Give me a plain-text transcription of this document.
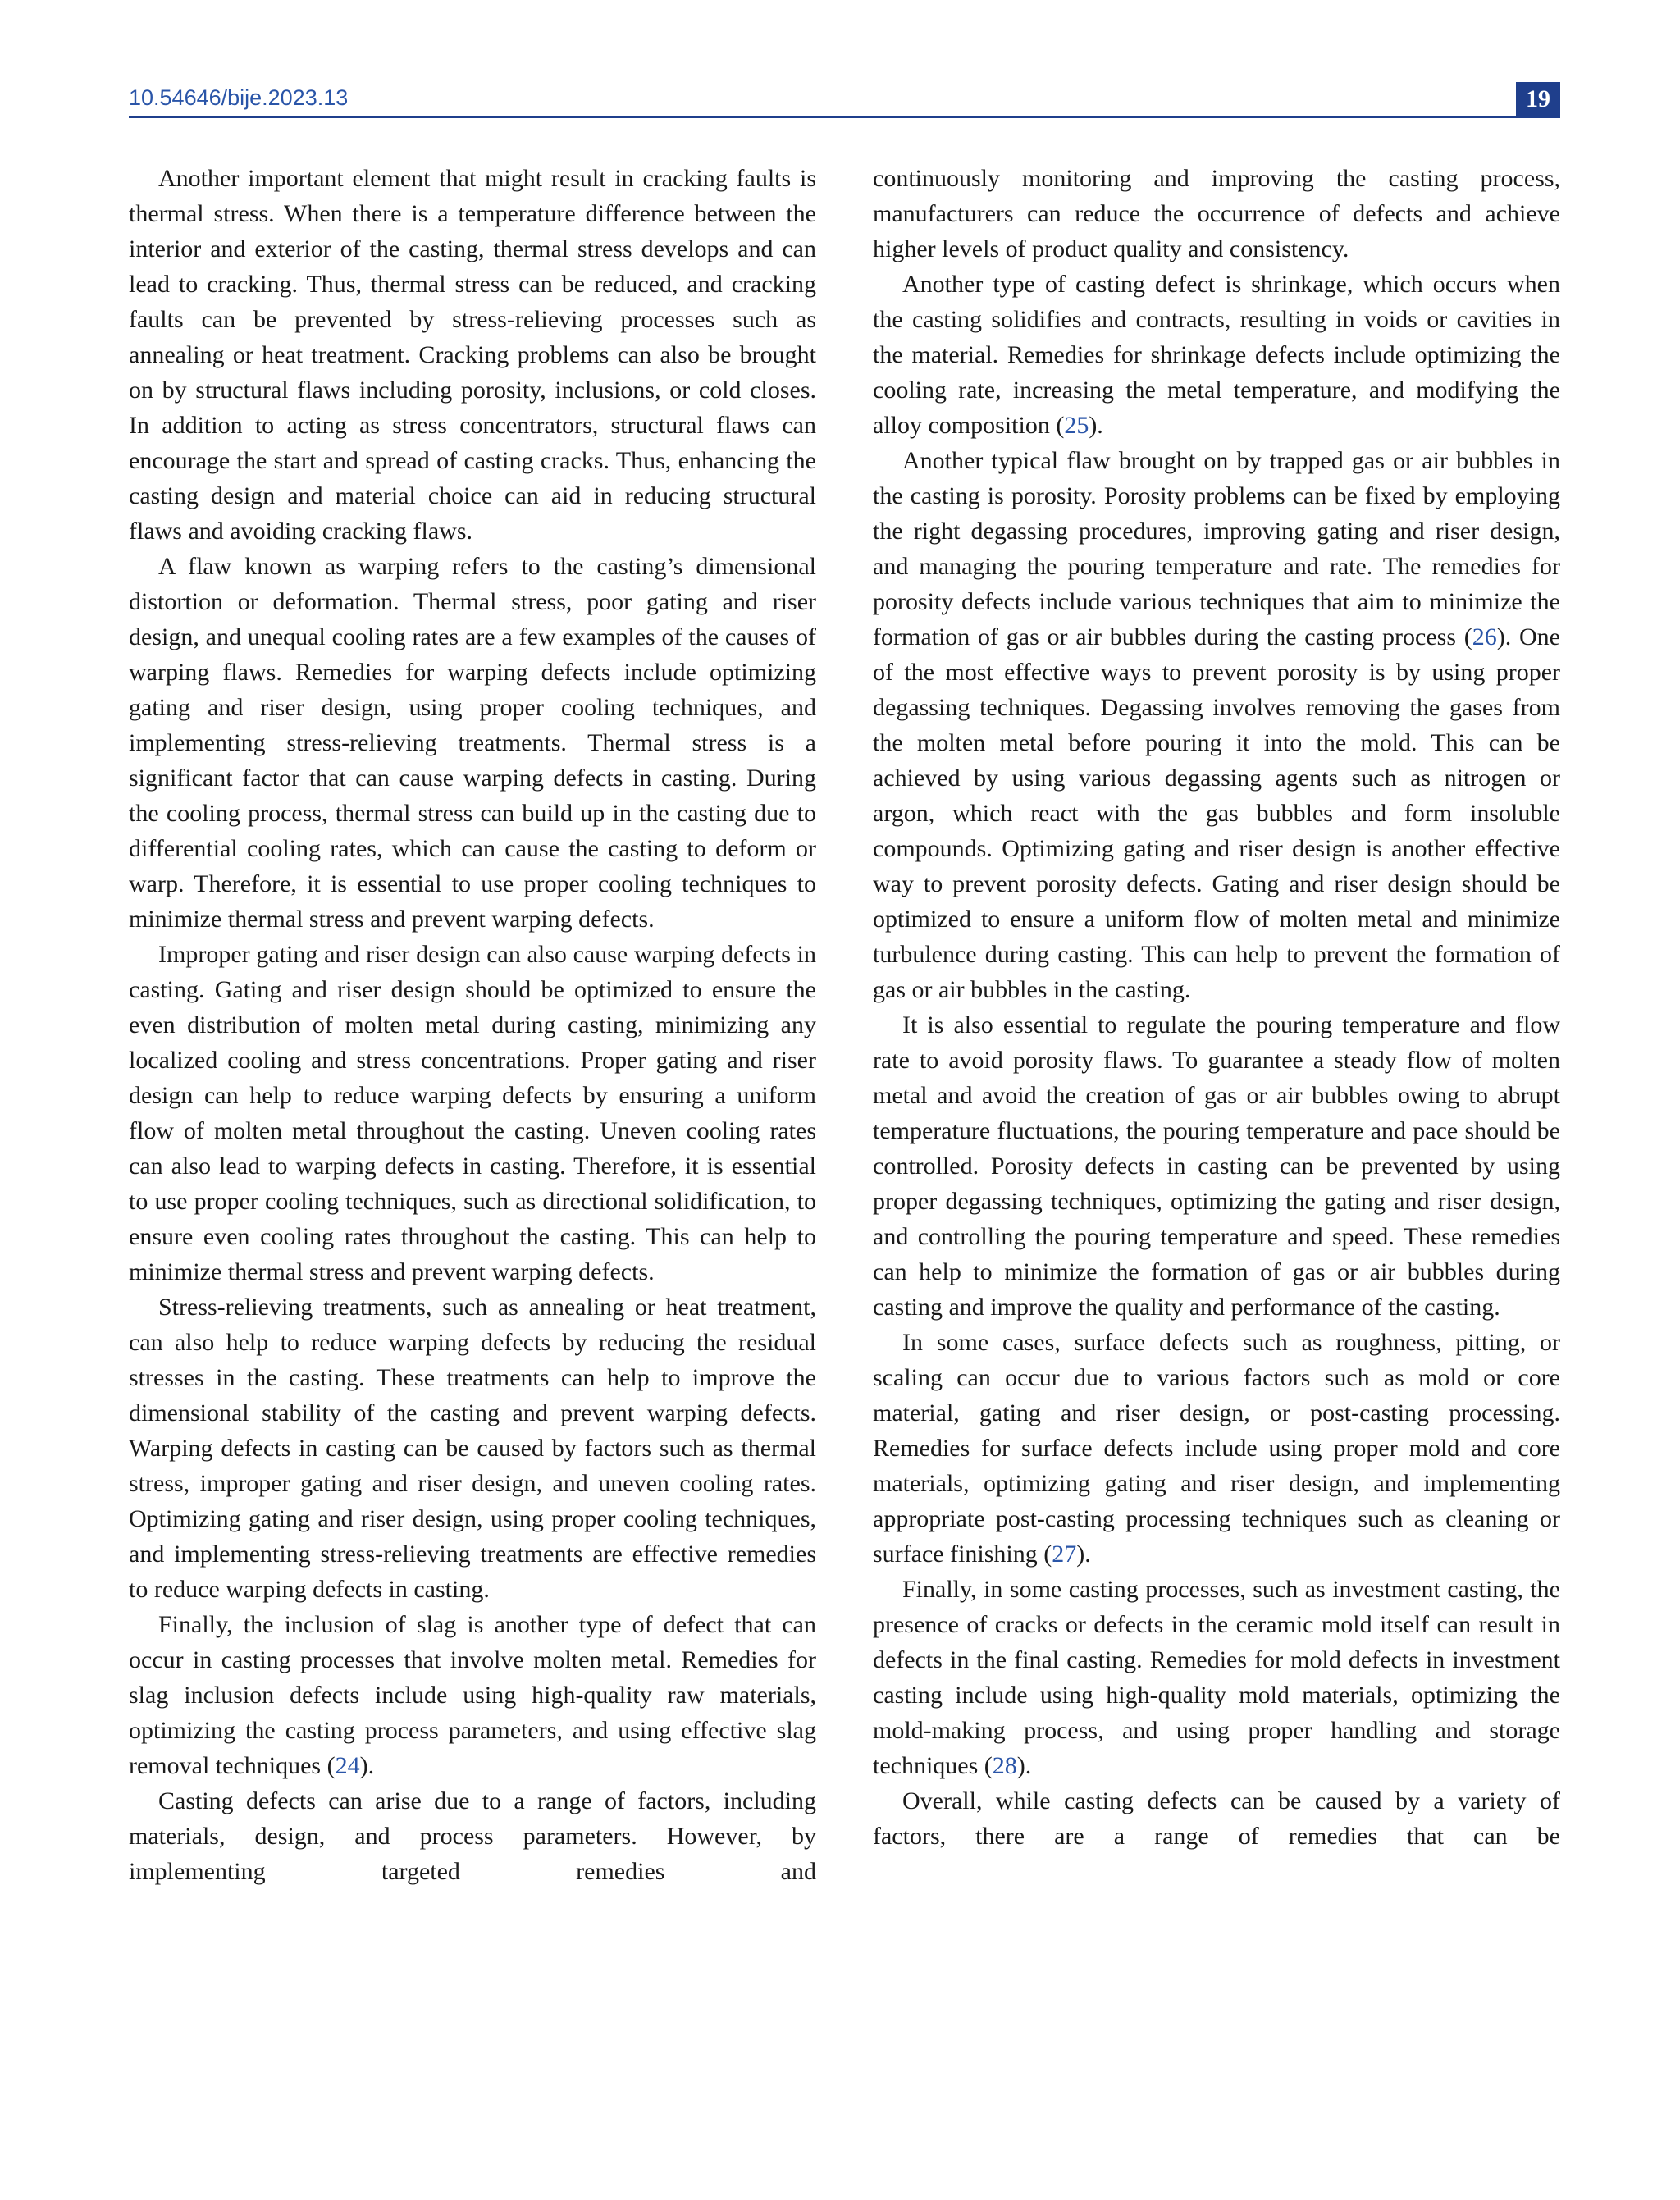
10.54646/bije.2023.13	19

Another important element that might result in cracking faults is thermal stress. When there is a temperature difference between the interior and exterior of the casting, thermal stress develops and can lead to cracking. Thus, thermal stress can be reduced, and cracking faults can be prevented by stress-relieving processes such as annealing or heat treatment. Cracking problems can also be brought on by structural flaws including porosity, inclusions, or cold closes. In addition to acting as stress concentrators, structural flaws can encourage the start and spread of casting cracks. Thus, enhancing the casting design and material choice can aid in reducing structural flaws and avoiding cracking flaws.

A flaw known as warping refers to the casting’s dimensional distortion or deformation. Thermal stress, poor gating and riser design, and unequal cooling rates are a few examples of the causes of warping flaws. Remedies for warping defects include optimizing gating and riser design, using proper cooling techniques, and implementing stress-relieving treatments. Thermal stress is a significant factor that can cause warping defects in casting. During the cooling process, thermal stress can build up in the casting due to differential cooling rates, which can cause the casting to deform or warp. Therefore, it is essential to use proper cooling techniques to minimize thermal stress and prevent warping defects.

Improper gating and riser design can also cause warping defects in casting. Gating and riser design should be optimized to ensure the even distribution of molten metal during casting, minimizing any localized cooling and stress concentrations. Proper gating and riser design can help to reduce warping defects by ensuring a uniform flow of molten metal throughout the casting. Uneven cooling rates can also lead to warping defects in casting. Therefore, it is essential to use proper cooling techniques, such as directional solidification, to ensure even cooling rates throughout the casting. This can help to minimize thermal stress and prevent warping defects.

Stress-relieving treatments, such as annealing or heat treatment, can also help to reduce warping defects by reducing the residual stresses in the casting. These treatments can help to improve the dimensional stability of the casting and prevent warping defects. Warping defects in casting can be caused by factors such as thermal stress, improper gating and riser design, and uneven cooling rates. Optimizing gating and riser design, using proper cooling techniques, and implementing stress-relieving treatments are effective remedies to reduce warping defects in casting.

Finally, the inclusion of slag is another type of defect that can occur in casting processes that involve molten metal. Remedies for slag inclusion defects include using high-quality raw materials, optimizing the casting process parameters, and using effective slag removal techniques (24).

Casting defects can arise due to a range of factors, including materials, design, and process parameters. However, by implementing targeted remedies and

continuously monitoring and improving the casting process, manufacturers can reduce the occurrence of defects and achieve higher levels of product quality and consistency.

Another type of casting defect is shrinkage, which occurs when the casting solidifies and contracts, resulting in voids or cavities in the material. Remedies for shrinkage defects include optimizing the cooling rate, increasing the metal temperature, and modifying the alloy composition (25).

Another typical flaw brought on by trapped gas or air bubbles in the casting is porosity. Porosity problems can be fixed by employing the right degassing procedures, improving gating and riser design, and managing the pouring temperature and rate. The remedies for porosity defects include various techniques that aim to minimize the formation of gas or air bubbles during the casting process (26). One of the most effective ways to prevent porosity is by using proper degassing techniques. Degassing involves removing the gases from the molten metal before pouring it into the mold. This can be achieved by using various degassing agents such as nitrogen or argon, which react with the gas bubbles and form insoluble compounds. Optimizing gating and riser design is another effective way to prevent porosity defects. Gating and riser design should be optimized to ensure a uniform flow of molten metal and minimize turbulence during casting. This can help to prevent the formation of gas or air bubbles in the casting.

It is also essential to regulate the pouring temperature and flow rate to avoid porosity flaws. To guarantee a steady flow of molten metal and avoid the creation of gas or air bubbles owing to abrupt temperature fluctuations, the pouring temperature and pace should be controlled. Porosity defects in casting can be prevented by using proper degassing techniques, optimizing the gating and riser design, and controlling the pouring temperature and speed. These remedies can help to minimize the formation of gas or air bubbles during casting and improve the quality and performance of the casting.

In some cases, surface defects such as roughness, pitting, or scaling can occur due to various factors such as mold or core material, gating and riser design, or post-casting processing. Remedies for surface defects include using proper mold and core materials, optimizing gating and riser design, and implementing appropriate post-casting processing techniques such as cleaning or surface finishing (27).

Finally, in some casting processes, such as investment casting, the presence of cracks or defects in the ceramic mold itself can result in defects in the final casting. Remedies for mold defects in investment casting include using high-quality mold materials, optimizing the mold-making process, and using proper handling and storage techniques (28).

Overall, while casting defects can be caused by a variety of factors, there are a range of remedies that can be
